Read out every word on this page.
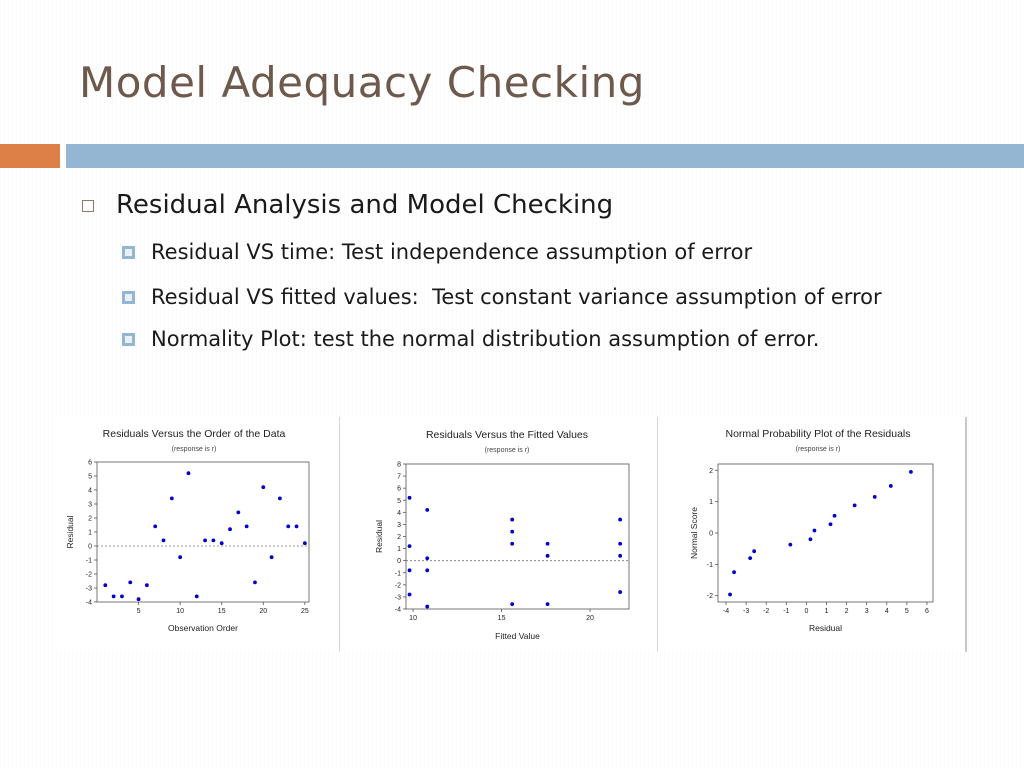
Model Adequacy Checking
Residual Analysis and Model Checking
Residual VS time: Test independence assumption of error
Residual VS fitted values:  Test constant variance assumption of error
Normality Plot: test the normal distribution assumption of error.
Residuals Versus the Order of the Data
(response is r)
5	10	15	20	25
-4
-3
-2
-1
0
1
2
3
4
5
6
Observation Order
Residual
Residuals Versus the Fitted Values
(response is r)
10	15	20
-4
-3
-2
-1
0
1
2
3
4
5
6
7
8
Fitted Value
Residual
Normal Probability Plot of the Residuals
(response is r)
-4 -3 -2 -1 0 1 2 3 4 5 6
-2
-1
0
1
2
Residual
Normal Score
